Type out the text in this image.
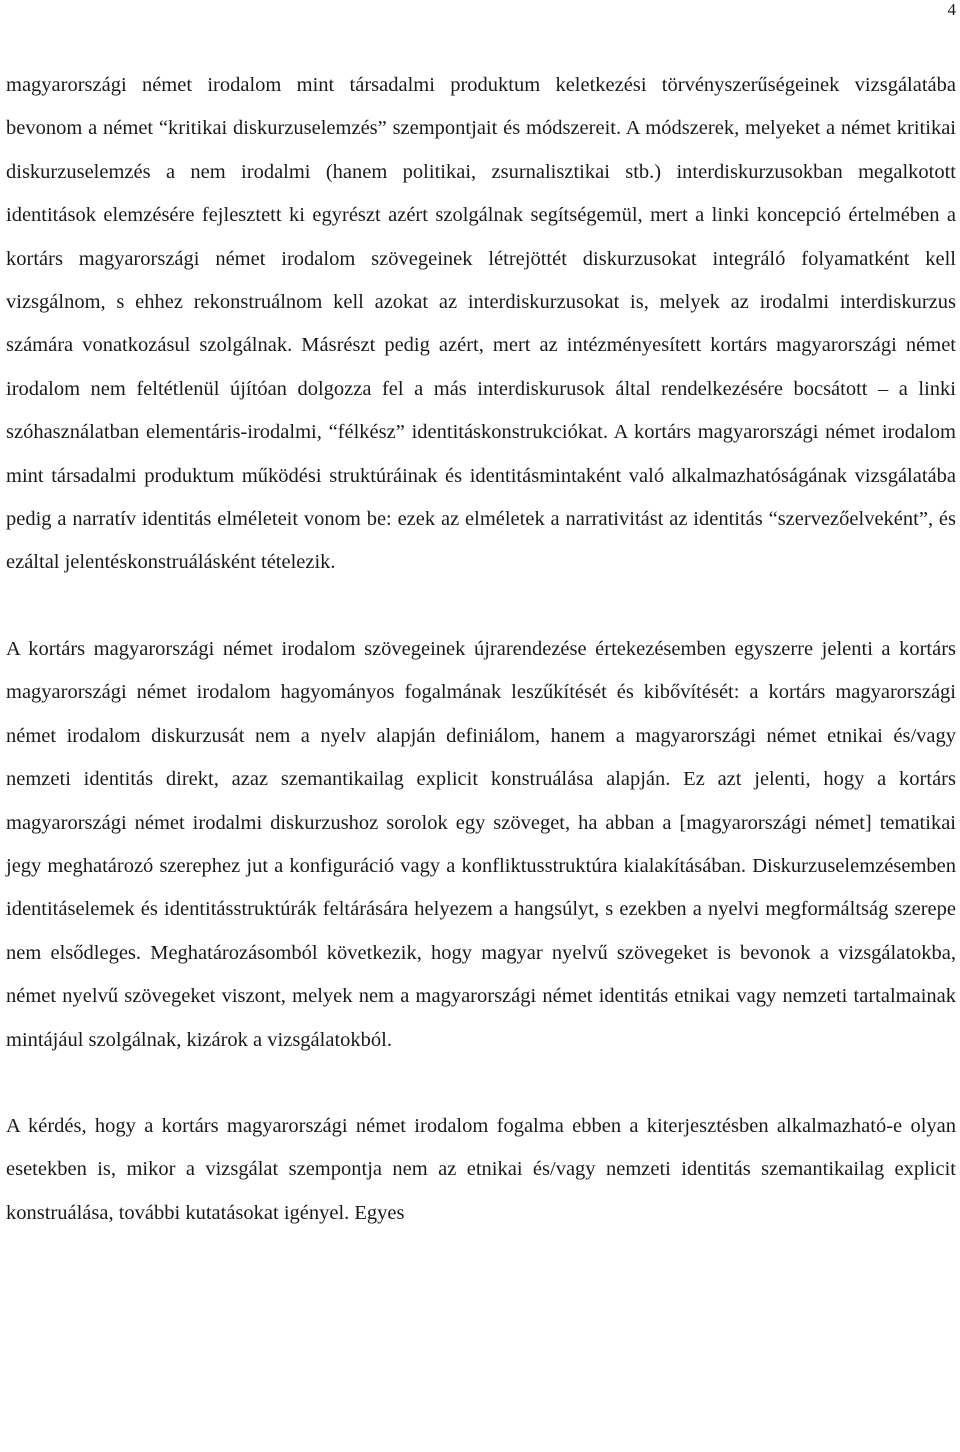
4

magyarországi német irodalom mint társadalmi produktum keletkezési törvényszerűségeinek vizsgálatába bevonom a német “kritikai diskurzuselemzés” szempontjait és módszereit. A módszerek, melyeket a német kritikai diskurzuselemzés a nem irodalmi (hanem politikai, zsurnalisztikai stb.) interdiskurzusokban megalkotott identitások elemzésére fejlesztett ki egyrészt azért szolgálnak segítségemül, mert a linki koncepció értelmében a kortárs magyarországi német irodalom szövegeinek létrejöttét diskurzusokat integráló folyamatként kell vizsgálnom, s ehhez rekonstruálnom kell azokat az interdiskurzusokat is, melyek az irodalmi interdiskurzus számára vonatkozásul szolgálnak. Másrészt pedig azért, mert az intézményesített kortárs magyarországi német irodalom nem feltétlenül újítóan dolgozza fel a más interdiskurusok által rendelkezésére bocsátott – a linki szóhasználatban elementáris-irodalmi, “félkész” identitáskonstrukciókat. A kortárs magyarországi német irodalom mint társadalmi produktum működési struktúráinak és identitásmintaként való alkalmazhatóságának vizsgálatába pedig a narratív identitás elméleteit vonom be: ezek az elméletek a narrativitást az identitás “szervezőelveként”, és ezáltal jelentéskonstruálásként tételezik.

A kortárs magyarországi német irodalom szövegeinek újrarendezése értekezésemben egyszerre jelenti a kortárs magyarországi német irodalom hagyományos fogalmának leszűkítését és kibővítését: a kortárs magyarországi német irodalom diskurzusát nem a nyelv alapján definiálom, hanem a magyarországi német etnikai és/vagy nemzeti identitás direkt, azaz szemantikailag explicit konstruálása alapján. Ez azt jelenti, hogy a kortárs magyarországi német irodalmi diskurzushoz sorolok egy szöveget, ha abban a [magyarországi német] tematikai jegy meghatározó szerephez jut a konfiguráció vagy a konfliktusstruktúra kialakításában. Diskurzuselemzésemben identitáselemek és identitásstruktúrák feltárására helyezem a hangsúlyt, s ezekben a nyelvi megformáltság szerepe nem elsődleges. Meghatározásomból következik, hogy magyar nyelvű szövegeket is bevonok a vizsgálatokba, német nyelvű szövegeket viszont, melyek nem a magyarországi német identitás etnikai vagy nemzeti tartalmainak mintájául szolgálnak, kizárok a vizsgálatokból.

A kérdés, hogy a kortárs magyarországi német irodalom fogalma ebben a kiterjesztésben alkalmazható-e olyan esetekben is, mikor a vizsgálat szempontja nem az etnikai és/vagy nemzeti identitás szemantikailag explicit konstruálása, további kutatásokat igényel. Egyes
